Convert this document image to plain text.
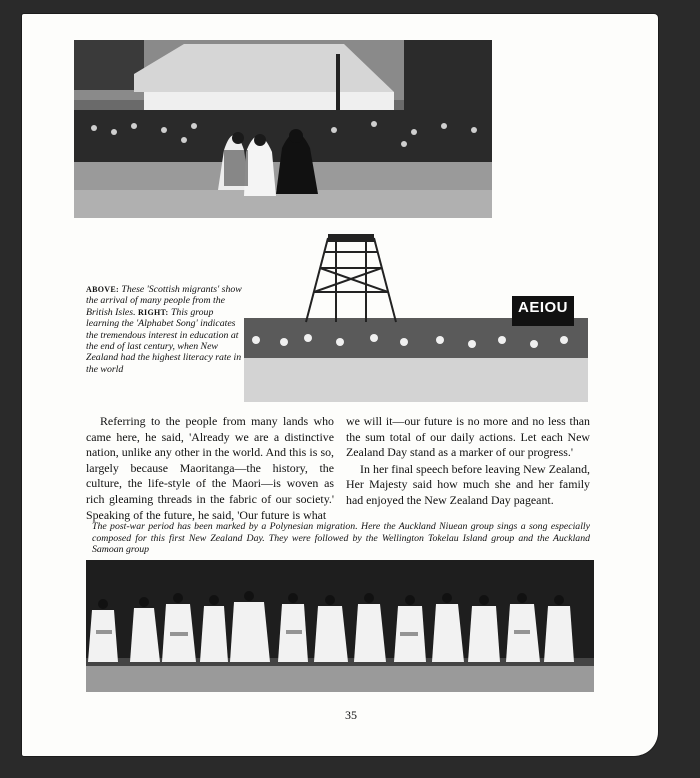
AEIOU
ABOVE: These 'Scottish migrants' show the arrival of many people from the British Isles. RIGHT: This group learning the 'Alphabet Song' indicates the tremendous interest in education at the end of last century, when New Zealand had the highest literacy rate in the world

Referring to the people from many lands who came here, he said, 'Already we are a distinctive nation, unlike any other in the world. And this is so, largely because Maoritanga—the history, the culture, the life-style of the Maori—is woven as rich gleaming threads in the fabric of our society.' Speaking of the future, he said, 'Our future is what

we will it—our future is no more and no less than the sum total of our daily actions. Let each New Zealand Day stand as a marker of our progress.'

In her final speech before leaving New Zealand, Her Majesty said how much she and her family had enjoyed the New Zealand Day pageant.

The post-war period has been marked by a Polynesian migration. Here the Auckland Niuean group sings a song especially composed for this first New Zealand Day. They were followed by the Wellington Tokelau Island group and the Auckland Samoan group
35
